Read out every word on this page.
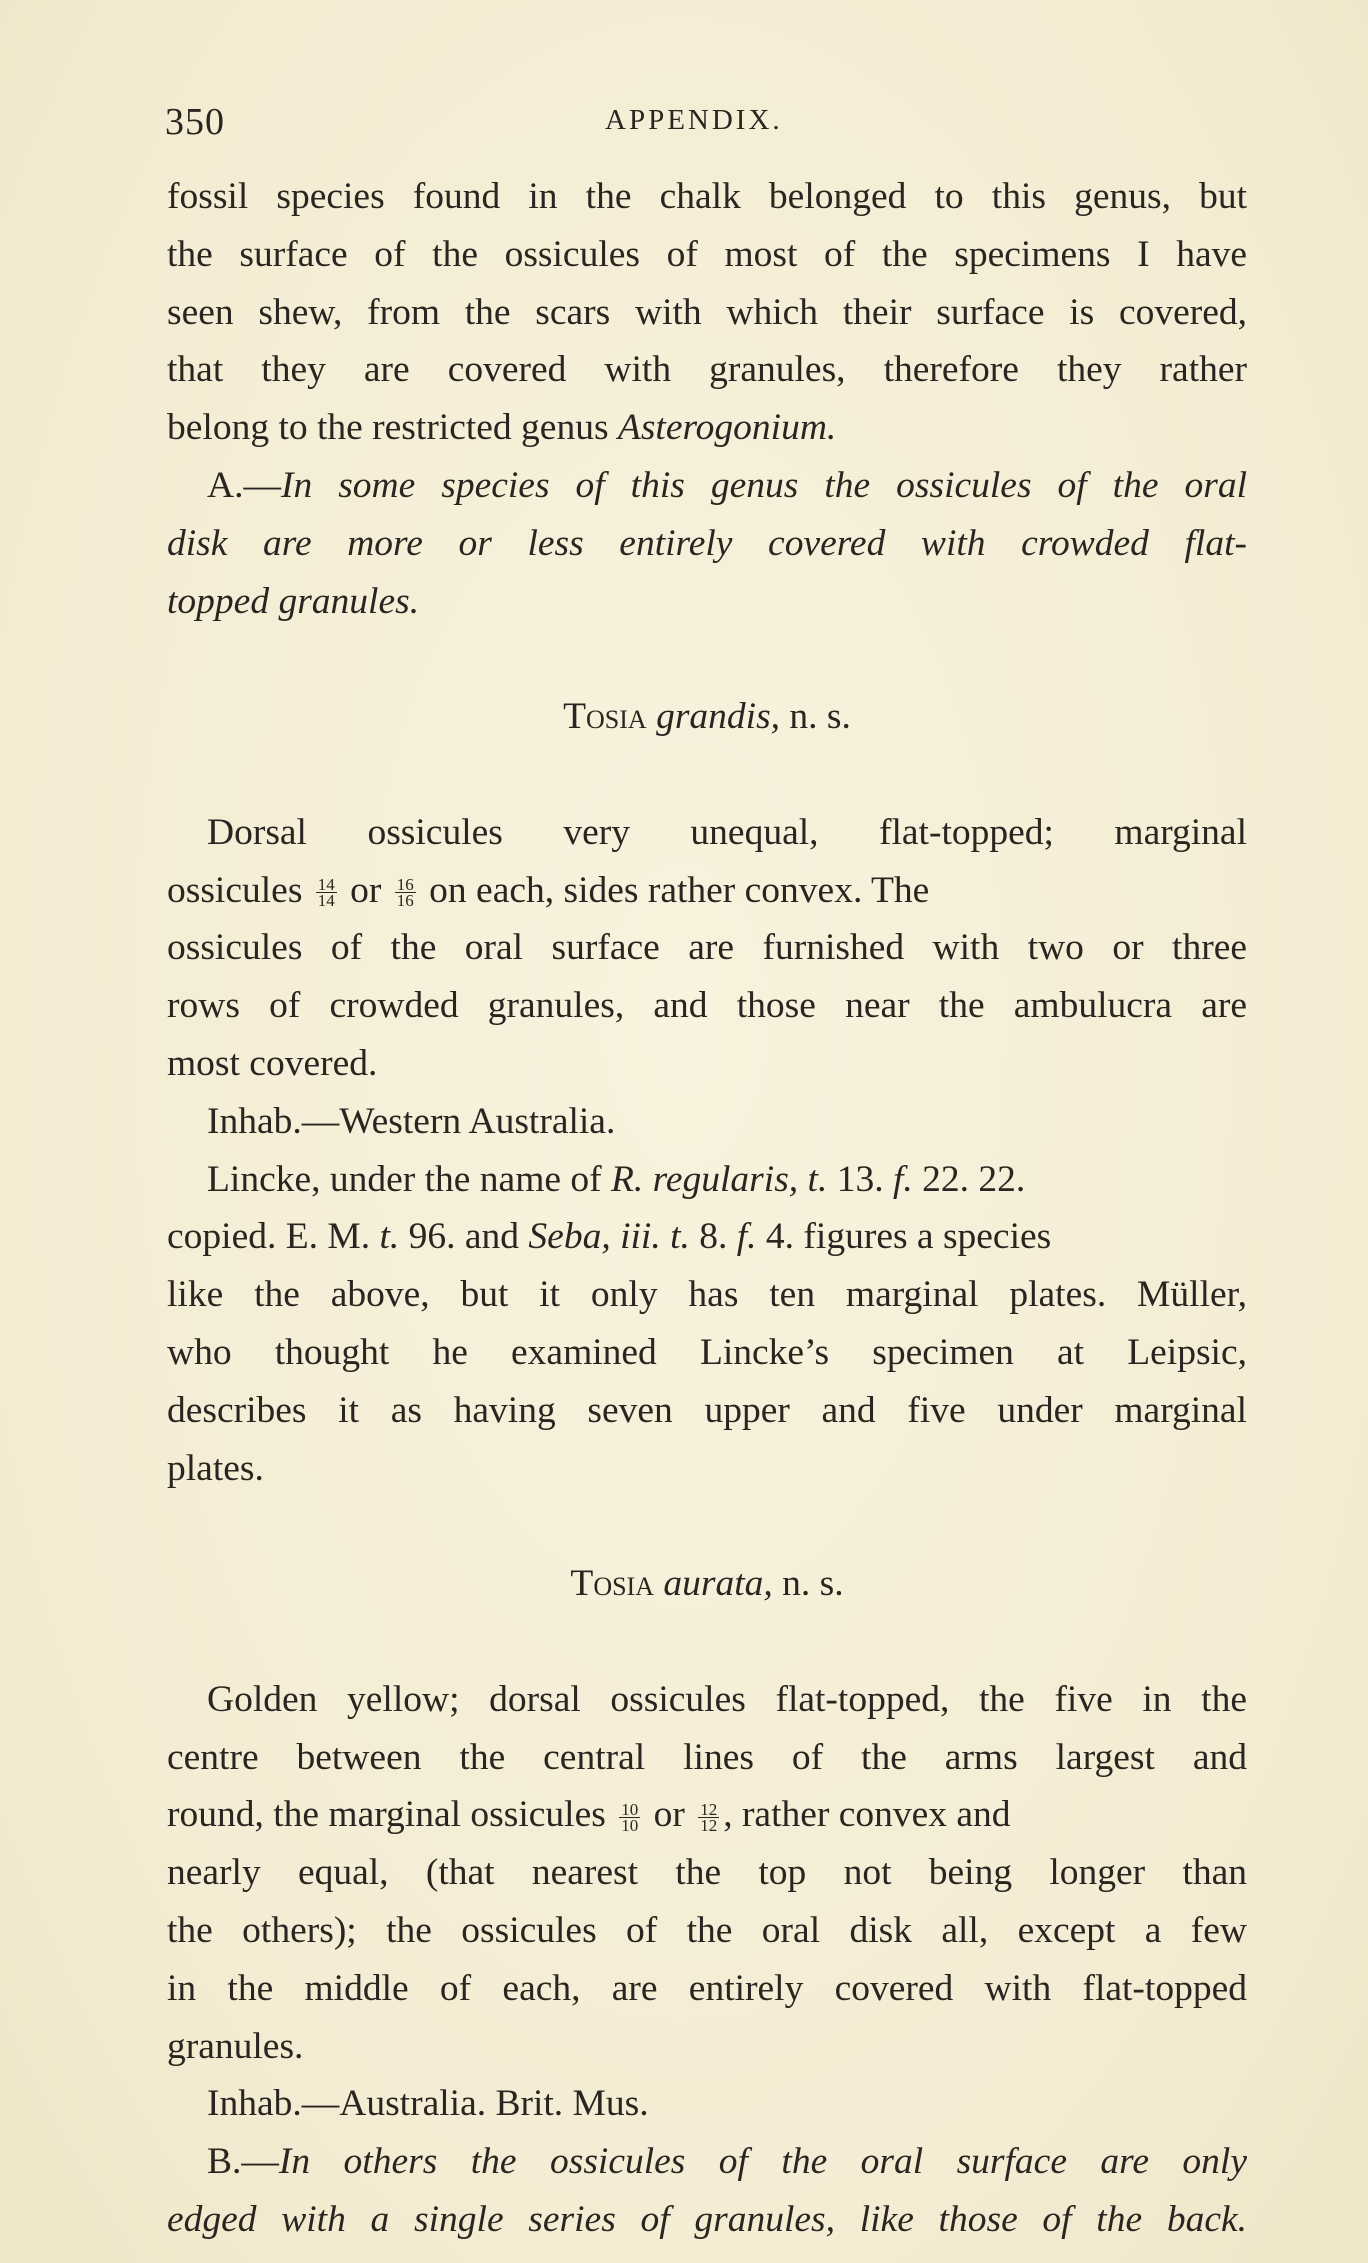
350	APPENDIX.
fossil species found in the chalk belonged to this genus, but
the surface of the ossicules of most of the specimens I have
seen shew, from the scars with which their surface is covered,
that they are covered with granules, therefore they rather
belong to the restricted genus Asterogonium.
A.—In some species of this genus the ossicules of the oral
disk are more or less entirely covered with crowded flat-
topped granules.
Tosia grandis, n. s.
Dorsal ossicules very unequal, flat-topped; marginal
ossicules $\frac{14}{14}$ or $\frac{16}{16}$ on each, sides rather convex. The
ossicules of the oral surface are furnished with two or three
rows of crowded granules, and those near the ambulucra are
most covered.
Inhab.—Western Australia.
Lincke, under the name of R. regularis, t. 13. f. 22. 22.
copied. E. M. t. 96. and Seba, iii. t. 8. f. 4. figures a species
like the above, but it only has ten marginal plates. Müller,
who thought he examined Lincke’s specimen at Leipsic,
describes it as having seven upper and five under marginal
plates.
Tosia aurata, n. s.
Golden yellow; dorsal ossicules flat-topped, the five in the
centre between the central lines of the arms largest and
round, the marginal ossicules $\frac{10}{10}$ or $\frac{12}{12}$ , rather convex and
nearly equal, (that nearest the top not being longer than
the others); the ossicules of the oral disk all, except a few
in the middle of each, are entirely covered with flat-topped
granules.
Inhab.—Australia. Brit. Mus.
B.—In others the ossicules of the oral surface are only
edged with a single series of granules, like those of the back.
